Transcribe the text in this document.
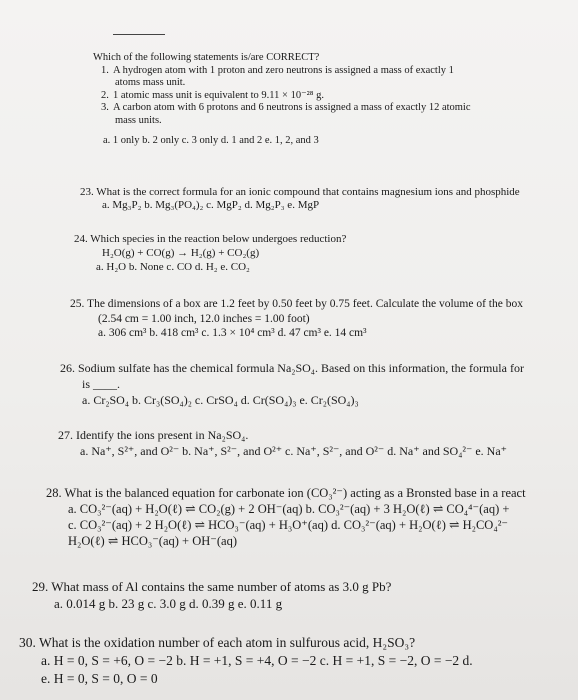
Which of the following statements is/are CORRECT?
1. A hydrogen atom with 1 proton and zero neutrons is assigned a mass of exactly 1
atoms mass unit.
2. 1 atomic mass unit is equivalent to 9.11 × 10⁻²⁸ g.
3. A carbon atom with 6 protons and 6 neutrons is assigned a mass of exactly 12 atomic
mass units.
a. 1 only b. 2 only c. 3 only d. 1 and 2 e. 1, 2, and 3
23. What is the correct formula for an ionic compound that contains magnesium ions and phosphide
a. Mg₃P₂ b. Mg₃(PO₄)₂ c. MgP₂ d. Mg₂P₃ e. MgP
24. Which species in the reaction below undergoes reduction?
H₂O(g) + CO(g) → H₂(g) + CO₂(g)
a. H₂O b. None c. CO d. H₂ e. CO₂
25. The dimensions of a box are 1.2 feet by 0.50 feet by 0.75 feet. Calculate the volume of the box
(2.54 cm = 1.00 inch, 12.0 inches = 1.00 foot)
a. 306 cm³ b. 418 cm³ c. 1.3 × 10⁴ cm³ d. 47 cm³ e. 14 cm³
26. Sodium sulfate has the chemical formula Na₂SO₄. Based on this information, the formula for
is ____.
a. Cr₂SO₄ b. Cr₃(SO₄)₂ c. CrSO₄ d. Cr(SO₄)₃ e. Cr₂(SO₄)₃
27. Identify the ions present in Na₂SO₄.
a. Na⁺, S²⁺, and O²⁻ b. Na⁺, S²⁻, and O²⁺ c. Na⁺, S²⁻, and O²⁻ d. Na⁺ and SO₄²⁻ e. Na⁺
28. What is the balanced equation for carbonate ion (CO₃²⁻) acting as a Bronsted base in a react
a. CO₃²⁻(aq) + H₂O(ℓ) ⇌ CO₂(g) + 2 OH⁻(aq) b. CO₃²⁻(aq) + 3 H₂O(ℓ) ⇌ CO₄⁴⁻(aq) +
c. CO₃²⁻(aq) + 2 H₂O(ℓ) ⇌ HCO₃⁻(aq) + H₃O⁺(aq) d. CO₃²⁻(aq) + H₂O(ℓ) ⇌ H₂CO₄²⁻
H₂O(ℓ) ⇌ HCO₃⁻(aq) + OH⁻(aq)
29. What mass of Al contains the same number of atoms as 3.0 g Pb?
a. 0.014 g b. 23 g c. 3.0 g d. 0.39 g e. 0.11 g
30. What is the oxidation number of each atom in sulfurous acid, H₂SO₃?
a. H = 0, S = +6, O = −2 b. H = +1, S = +4, O = −2 c. H = +1, S = −2, O = −2 d.
e. H = 0, S = 0, O = 0
